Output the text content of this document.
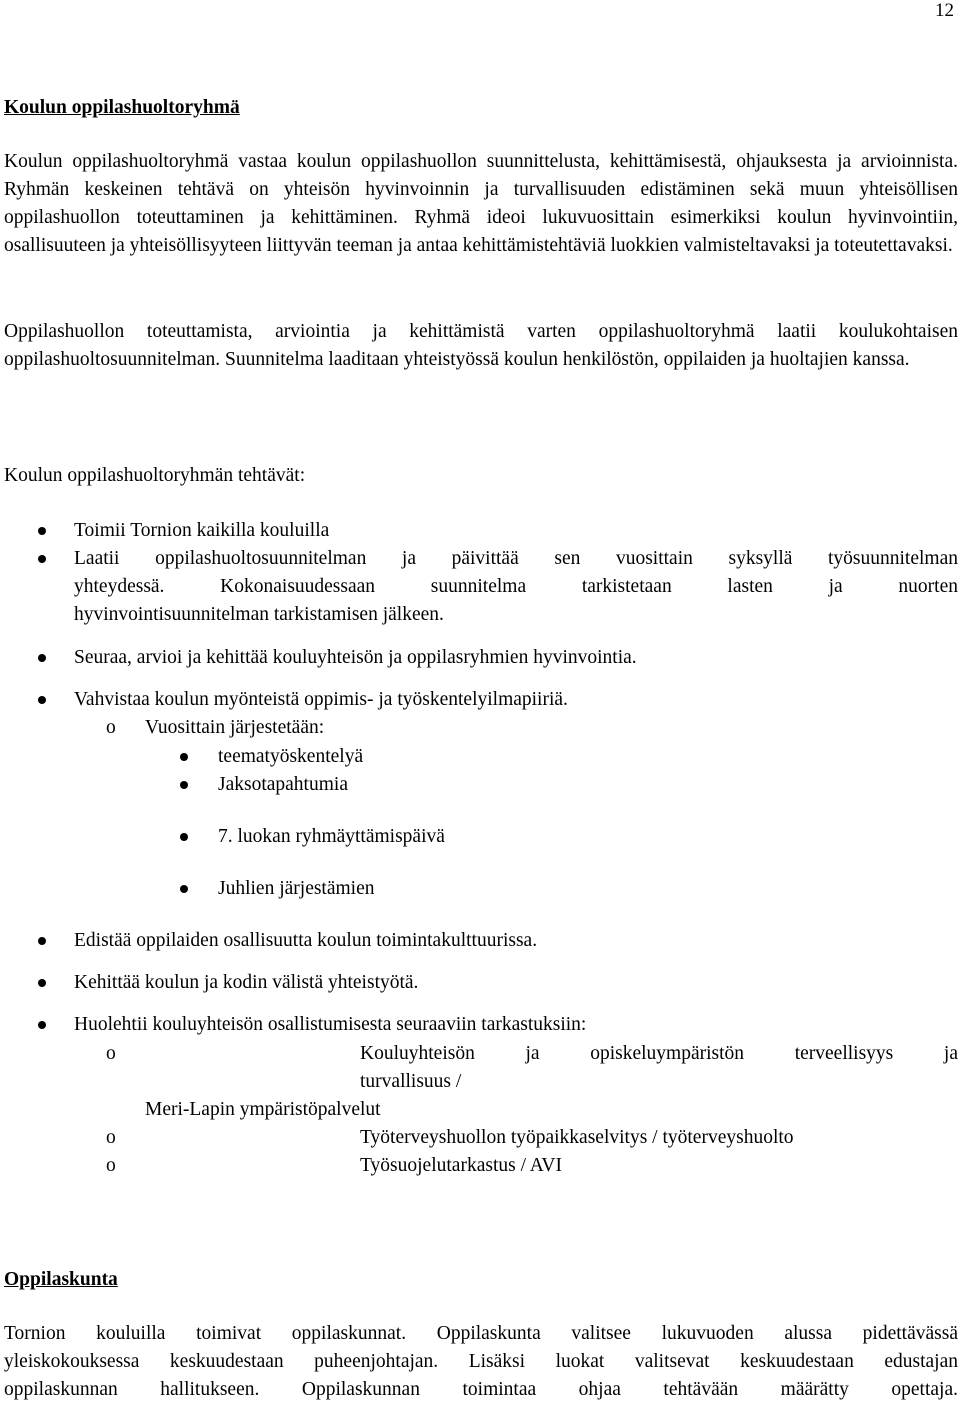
12
Koulun oppilashuoltoryhmä

Koulun oppilashuoltoryhmä vastaa koulun oppilashuollon suunnittelusta, kehittämisestä, ohjauksesta ja arvioinnista. Ryhmän keskeinen tehtävä on yhteisön hyvinvoinnin ja turvallisuuden edistäminen sekä muun yhteisöllisen oppilashuollon toteuttaminen ja kehittäminen. Ryhmä ideoi lukuvuosittain esimerkiksi koulun hyvinvointiin, osallisuuteen ja yhteisöllisyyteen liittyvän teeman ja antaa kehittämistehtäviä luokkien valmisteltavaksi ja toteutettavaksi.

Oppilashuollon toteuttamista, arviointia ja kehittämistä varten oppilashuoltoryhmä laatii koulukohtaisen oppilashuoltosuunnitelman. Suunnitelma laaditaan yhteistyössä koulun henkilöstön, oppilaiden ja huoltajien kanssa.

Koulun oppilashuoltoryhmän tehtävät:
Toimii Tornion kaikilla kouluilla
Laatii oppilashuoltosuunnitelman ja päivittää sen vuosittain syksyllä työsuunnitelman
yhteydessä. Kokonaisuudessaan suunnitelma tarkistetaan lasten ja nuorten
hyvinvointisuunnitelman tarkistamisen jälkeen.
Seuraa, arvioi ja kehittää kouluyhteisön ja oppilasryhmien hyvinvointia.
Vahvistaa koulun myönteistä oppimis- ja työskentelyilmapiiriä.
o Vuosittain järjestetään:
teematyöskentelyä
Jaksotapahtumia
7. luokan ryhmäyttämispäivä
Juhlien järjestämien
Edistää oppilaiden osallisuutta koulun toimintakulttuurissa.
Kehittää koulun ja kodin välistä yhteistyötä.
Huolehtii kouluyhteisön osallistumisesta seuraaviin tarkastuksiin:
o	Kouluyhteisön ja opiskeluympäristön terveellisyys ja
turvallisuus /
Meri-Lapin ympäristöpalvelut
o	Työterveyshuollon työpaikkaselvitys / työterveyshuolto
o	Työsuojelutarkastus / AVI
Oppilaskunta
Tornion kouluilla toimivat oppilaskunnat. Oppilaskunta valitsee lukuvuoden alussa pidettävässä
yleiskokouksessa keskuudestaan puheenjohtajan. Lisäksi luokat valitsevat keskuudestaan edustajan
oppilaskunnan hallitukseen. Oppilaskunnan toimintaa ohjaa tehtävään määrätty opettaja.
